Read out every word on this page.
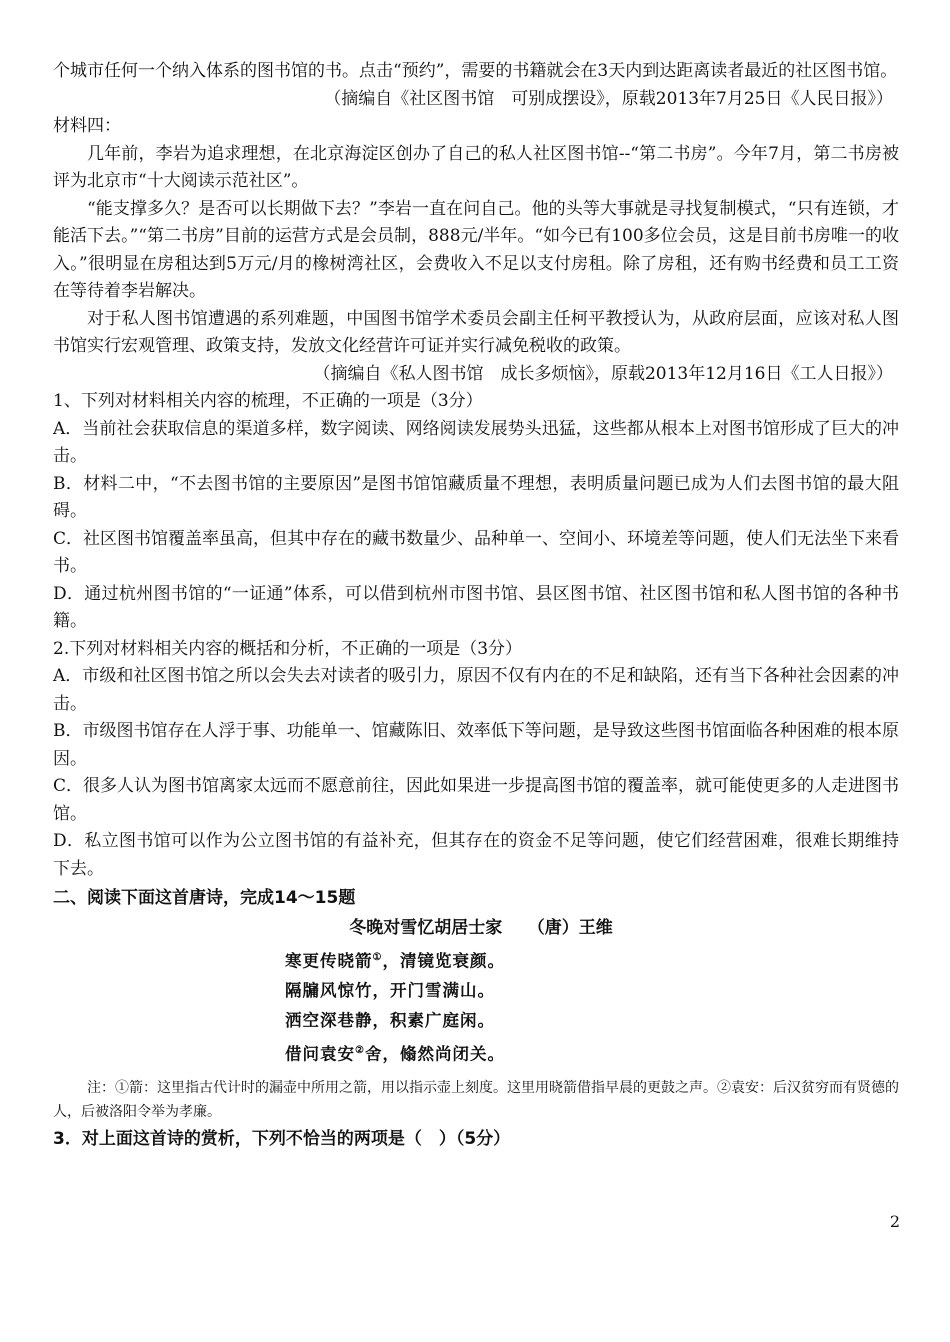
个城市任何一个纳入体系的图书馆的书。点击“预约”，需要的书籍就会在3天内到达距离读者最近的社区图书馆。

（摘编自《社区图书馆　可别成摆设》，原载2013年7月25日《人民日报》）

材料四：

几年前，李岩为追求理想，在北京海淀区创办了自己的私人社区图书馆--“第二书房”。今年7月，第二书房被评为北京市“十大阅读示范社区”。

“能支撑多久？是否可以长期做下去？”李岩一直在问自己。他的头等大事就是寻找复制模式，“只有连锁，才能活下去。”“第二书房”目前的运营方式是会员制，888元/半年。“如今已有100多位会员，这是目前书房唯一的收入。”很明显在房租达到5万元/月的橡树湾社区，会费收入不足以支付房租。除了房租，还有购书经费和员工工资在等待着李岩解决。

对于私人图书馆遭遇的系列难题，中国图书馆学术委员会副主任柯平教授认为，从政府层面，应该对私人图书馆实行宏观管理、政策支持，发放文化经营许可证并实行减免税收的政策。

（摘编自《私人图书馆　成长多烦恼》，原载2013年12月16日《工人日报》）

1、下列对材料相关内容的梳理，不正确的一项是（3分）

A．当前社会获取信息的渠道多样，数字阅读、网络阅读发展势头迅猛，这些都从根本上对图书馆形成了巨大的冲击。

B．材料二中，“不去图书馆的主要原因”是图书馆馆藏质量不理想，表明质量问题已成为人们去图书馆的最大阻碍。

C．社区图书馆覆盖率虽高，但其中存在的藏书数量少、品种单一、空间小、环境差等问题，使人们无法坐下来看书。

D．通过杭州图书馆的“一证通”体系，可以借到杭州市图书馆、县区图书馆、社区图书馆和私人图书馆的各种书籍。

2.下列对材料相关内容的概括和分析，不正确的一项是（3分）

A．市级和社区图书馆之所以会失去对读者的吸引力，原因不仅有内在的不足和缺陷，还有当下各种社会因素的冲击。

B．市级图书馆存在人浮于事、功能单一、馆藏陈旧、效率低下等问题，是导致这些图书馆面临各种困难的根本原因。

C．很多人认为图书馆离家太远而不愿意前往，因此如果进一步提高图书馆的覆盖率，就可能使更多的人走进图书馆。

D．私立图书馆可以作为公立图书馆的有益补充，但其存在的资金不足等问题，使它们经营困难，很难长期维持下去。

二、阅读下面这首唐诗，完成14～15题

冬晚对雪忆胡居士家　　（唐）王维

寒更传晓箭①，清镜览衰颜。

隔牖风惊竹，开门雪满山。

洒空深巷静，积素广庭闲。

借问袁安②舍，翛然尚闭关。

注：①箭：这里指古代计时的漏壶中所用之箭，用以指示壶上刻度。这里用晓箭借指早晨的更鼓之声。②袁安：后汉贫穷而有贤德的人，后被洛阳令举为孝廉。

3．对上面这首诗的赏析，下列不恰当的两项是（　）（5分）

2
